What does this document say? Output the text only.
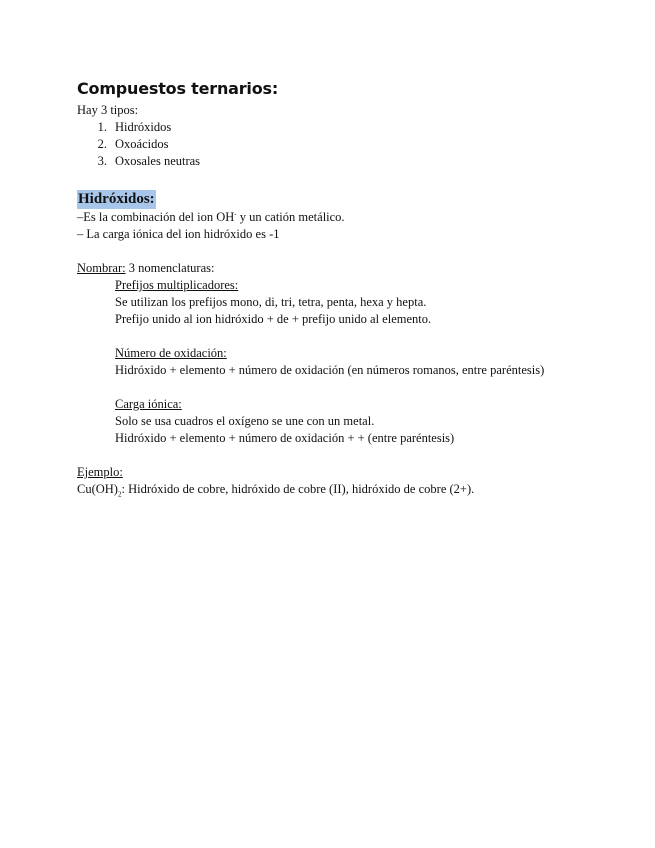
Compuestos ternarios:

Hay 3 tipos:

1. Hidróxidos
2. Oxoácidos
3. Oxosales neutras
Hidróxidos:

–Es la combinación del ion OH- y un catión metálico.

– La carga iónica del ion hidróxido es -1

Nombrar: 3 nomenclaturas:

Prefijos multiplicadores:

Se utilizan los prefijos mono, di, tri, tetra, penta, hexa y hepta.

Prefijo unido al ion hidróxido + de + prefijo unido al elemento.

Número de oxidación:

Hidróxido + elemento + número de oxidación (en números romanos, entre paréntesis)

Carga iónica:

Solo se usa cuadros el oxígeno se une con un metal.

Hidróxido + elemento + número de oxidación + + (entre paréntesis)

Ejemplo:

$Cu(OH)_2$: Hidróxido de cobre, hidróxido de cobre (II), hidróxido de cobre (2+).
